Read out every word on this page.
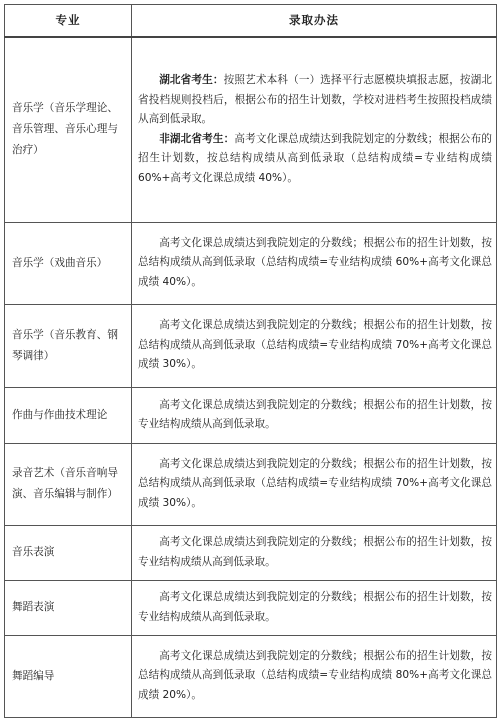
专业	录取办法
音乐学（音乐学理论、音乐管理、音乐心理与治疗）	湖北省考生：按照艺术本科（一）选择平行志愿模块填报志愿，按湖北省投档规则投档后，根据公布的招生计划数，学校对进档考生按照投档成绩从高到低录取。

非湖北省考生：高考文化课总成绩达到我院划定的分数线；根据公布的招生计划数，按总结构成绩从高到低录取（总结构成绩=专业结构成绩 60%+高考文化课总成绩 40%）。

音乐学（戏曲音乐）	高考文化课总成绩达到我院划定的分数线；根据公布的招生计划数，按总结构成绩从高到低录取（总结构成绩=专业结构成绩 60%+高考文化课总成绩 40%）。

音乐学（音乐教育、钢琴调律）	高考文化课总成绩达到我院划定的分数线；根据公布的招生计划数，按总结构成绩从高到低录取（总结构成绩=专业结构成绩 70%+高考文化课总成绩 30%）。

作曲与作曲技术理论	高考文化课总成绩达到我院划定的分数线；根据公布的招生计划数，按专业结构成绩从高到低录取。

录音艺术（音乐音响导演、音乐编辑与制作）	高考文化课总成绩达到我院划定的分数线；根据公布的招生计划数，按总结构成绩从高到低录取（总结构成绩=专业结构成绩 70%+高考文化课总成绩 30%）。

音乐表演	高考文化课总成绩达到我院划定的分数线；根据公布的招生计划数，按专业结构成绩从高到低录取。

舞蹈表演	高考文化课总成绩达到我院划定的分数线；根据公布的招生计划数，按专业结构成绩从高到低录取。

舞蹈编导	高考文化课总成绩达到我院划定的分数线；根据公布的招生计划数，按总结构成绩从高到低录取（总结构成绩=专业结构成绩 80%+高考文化课总成绩 20%）。
